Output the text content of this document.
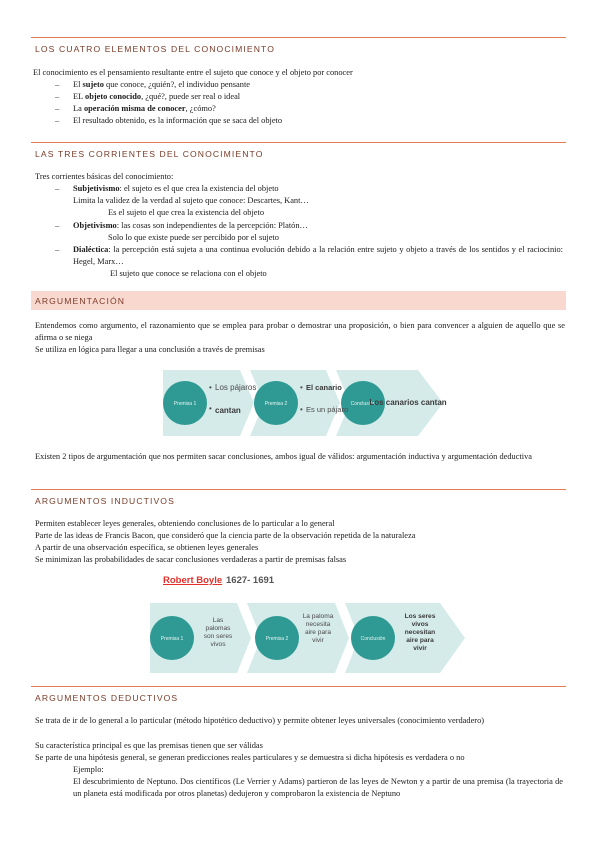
LOS CUATRO ELEMENTOS DEL CONOCIMIENTO
El conocimiento es el pensamiento resultante entre el sujeto que conoce y el objeto por conocer
– El sujeto que conoce, ¿quién?, el individuo pensante
– EL objeto conocido, ¿qué?, puede ser real o ideal
– La operación misma de conocer, ¿cómo?
– El resultado obtenido, es la información que se saca del objeto
LAS TRES CORRIENTES DEL CONOCIMIENTO
Tres corrientes básicas del conocimiento:
– Subjetivismo: el sujeto es el que crea la existencia del objeto
Limita la validez de la verdad al sujeto que conoce: Descartes, Kant…
Es el sujeto el que crea la existencia del objeto
– Objetivismo: las cosas son independientes de la percepción: Platón…
Solo lo que existe puede ser percibido por el sujeto
– Dialéctica: la percepción está sujeta a una continua evolución debido a la relación entre sujeto y objeto a través de los sentidos y el raciocinio: Hegel, Marx…
El sujeto que conoce se relaciona con el objeto
ARGUMENTACIÓN
Entendemos como argumento, el razonamiento que se emplea para probar o demostrar una proposición, o bien para convencer a alguien de aquello que se afirma o se niega
Se utiliza en lógica para llegar a una conclusión a través de premisas
Premisa 1	Premisa 2	Conclusión
• Los pájaros
• cantan
• El canario
• Es un pájaro
Los canarios cantan
Existen 2 tipos de argumentación que nos permiten sacar conclusiones, ambos igual de válidos: argumentación inductiva y argumentación deductiva
ARGUMENTOS INDUCTIVOS
Permiten establecer leyes generales, obteniendo conclusiones de lo particular a lo general
Parte de las ideas de Francis Bacon, que consideró que la ciencia parte de la observación repetida de la naturaleza
A partir de una observación específica, se obtienen leyes generales
Se minimizan las probabilidades de sacar conclusiones verdaderas a partir de premisas falsas
Robert Boyle 1627- 1691
Premisa 1	Premisa 2	Conclusión
Las palomas son seres vivos
La paloma necesita aire para vivir
Los seres vivos necesitan aire para vivir
ARGUMENTOS DEDUCTIVOS
Se trata de ir de lo general a lo particular (método hipotético deductivo) y permite obtener leyes universales (conocimiento verdadero)
Su característica principal es que las premisas tienen que ser válidas
Se parte de una hipótesis general, se generan predicciones reales particulares y se demuestra si dicha hipótesis es verdadera o no
Ejemplo:
El descubrimiento de Neptuno. Dos científicos (Le Verrier y Adams) partieron de las leyes de Newton y a partir de una premisa (la trayectoria de un planeta está modificada por otros planetas) dedujeron y comprobaron la existencia de Neptuno
